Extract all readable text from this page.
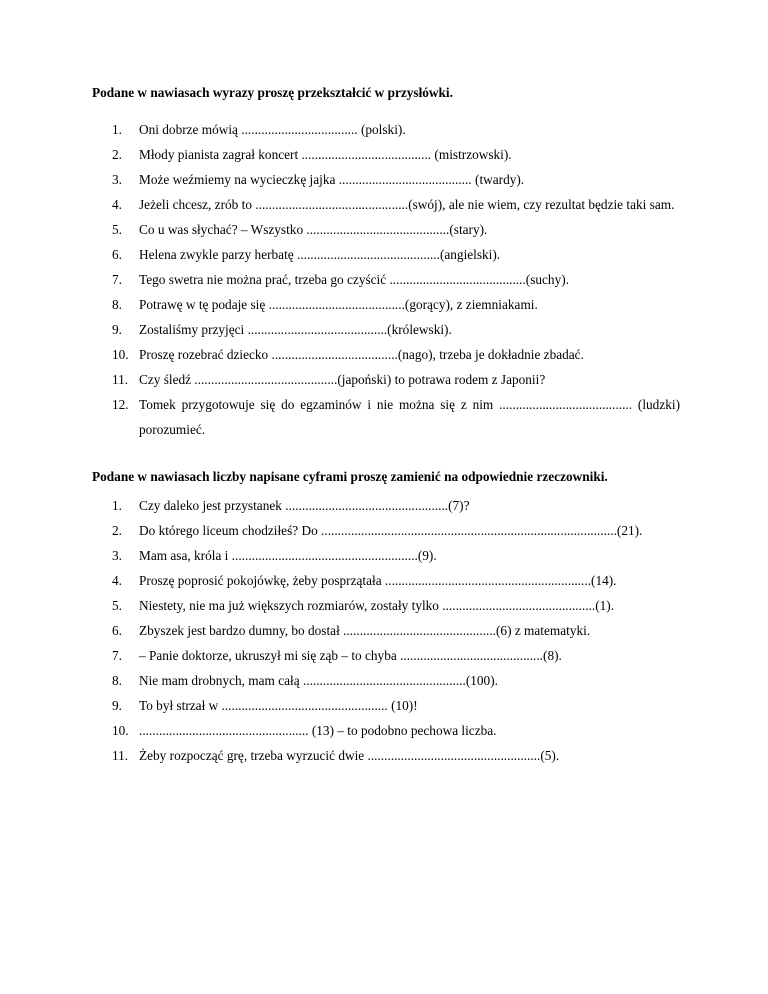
Podane w nawiasach wyrazy proszę przekształcić w przysłówki.
1. Oni dobrze mówią ................................... (polski).
2. Młody pianista zagrał koncert ....................................... (mistrzowski).
3. Może weźmiemy na wycieczkę jajka ........................................ (twardy).
4. Jeżeli chcesz, zrób to ..............................................(swój), ale nie wiem, czy rezultat będzie taki sam.
5. Co u was słychać? – Wszystko ...........................................(stary).
6. Helena zwykle parzy herbatę ...........................................(angielski).
7. Tego swetra nie można prać, trzeba go czyścić .........................................(suchy).
8. Potrawę w tę podaje się .........................................(gorący), z ziemniakami.
9. Zostaliśmy przyjęci ..........................................(królewski).
10. Proszę rozebrać dziecko ......................................(nago), trzeba je dokładnie zbadać.
11. Czy śledź ...........................................(japoński) to potrawa rodem z Japonii?
12. Tomek przygotowuje się do egzaminów i nie można się z nim ........................................ (ludzki) porozumieć.
Podane w nawiasach liczby napisane cyframi proszę zamienić na odpowiednie rzeczowniki.
1. Czy daleko jest przystanek .................................................(7)?
2. Do którego liceum chodziłeś? Do .........................................................................................(21).
3. Mam asa, króla i ........................................................(9).
4. Proszę poprosić pokojówkę, żeby posprzątała ..............................................................(14).
5. Niestety, nie ma już większych rozmiarów, zostały tylko ..............................................(1).
6. Zbyszek jest bardzo dumny, bo dostał ..............................................(6) z matematyki.
7. – Panie doktorze, ukruszył mi się ząb – to chyba ...........................................(8).
8. Nie mam drobnych, mam całą .................................................(100).
9. To był strzał w .................................................. (10)!
10. ................................................... (13) – to podobno pechowa liczba.
11. Żeby rozpocząć grę, trzeba wyrzucić dwie ....................................................(5).
